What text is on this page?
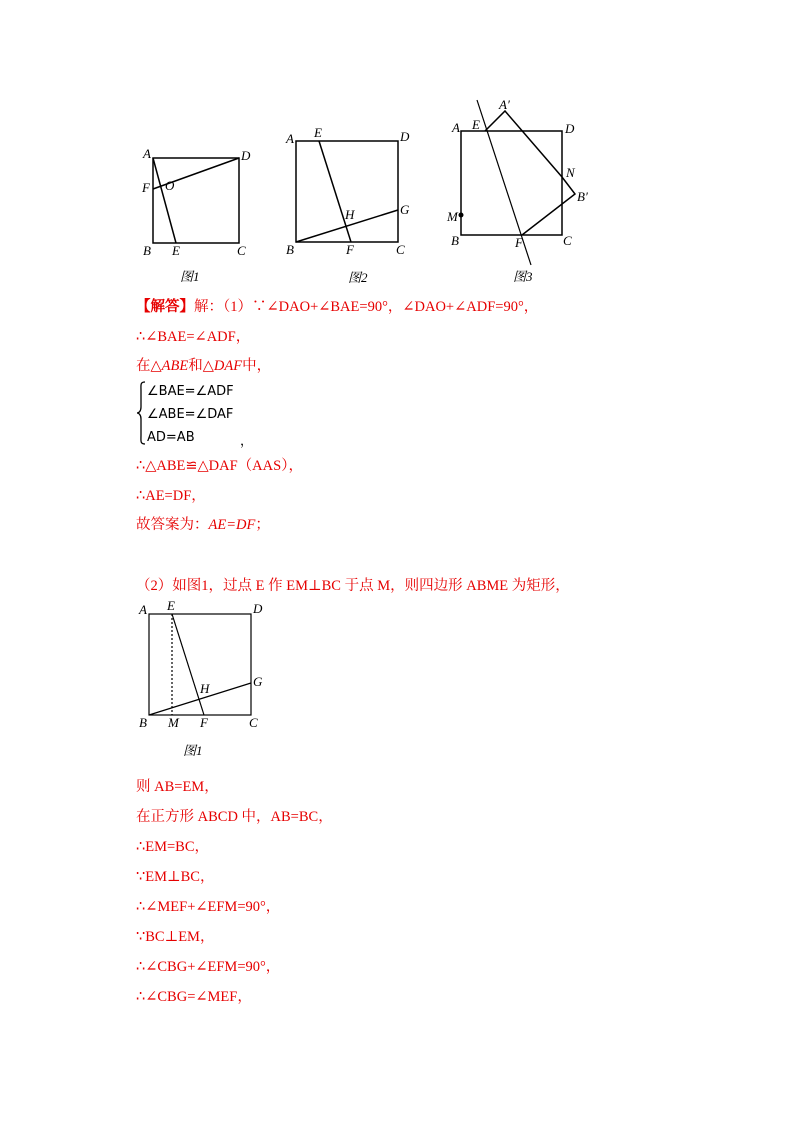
A	D
F O
B E	C
图1
A E	D
G
H
B	F	C
图2
A E
A′
D
N
B′
M
B	F	C
图3
【解答】解：（1）∵∠DAO+∠BAE=90°，∠DAO+∠ADF=90°，
∴∠BAE=∠ADF，
在△ABE和△DAF中，
∠BAE=∠ADF
∠ABE=∠DAF
AD=AB	，
∴△ABE≌△DAF（AAS），
∴AE=DF，
故答案为：AE=DF；
（2）如图1，过点 E 作 EM⊥BC 于点 M，则四边形 ABME 为矩形，
A E	D
G
H
B M F	C
图1
则 AB=EM，
在正方形 ABCD 中，AB=BC，
∴EM=BC，
∵EM⊥BC，
∴∠MEF+∠EFM=90°，
∵BC⊥EM，
∴∠CBG+∠EFM=90°，
∴∠CBG=∠MEF，
